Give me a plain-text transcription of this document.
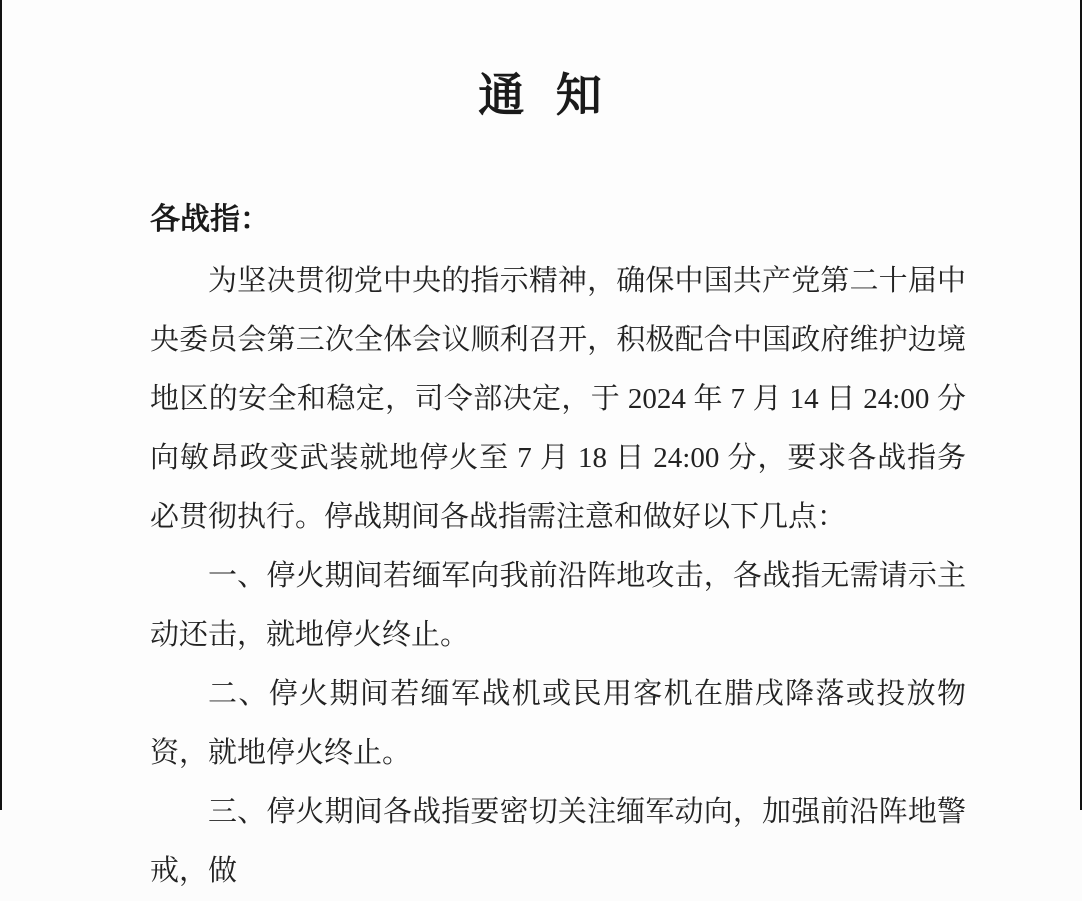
通 知
各战指：

为坚决贯彻党中央的指示精神，确保中国共产党第二十届中央委员会第三次全体会议顺利召开，积极配合中国政府维护边境地区的安全和稳定，司令部决定，于 2024 年 7 月 14 日 24:00 分向敏昂政变武装就地停火至 7 月 18 日 24:00 分，要求各战指务必贯彻执行。停战期间各战指需注意和做好以下几点：

一、停火期间若缅军向我前沿阵地攻击，各战指无需请示主动还击，就地停火终止。

二、停火期间若缅军战机或民用客机在腊戌降落或投放物资，就地停火终止。

三、停火期间各战指要密切关注缅军动向，加强前沿阵地警戒，做
